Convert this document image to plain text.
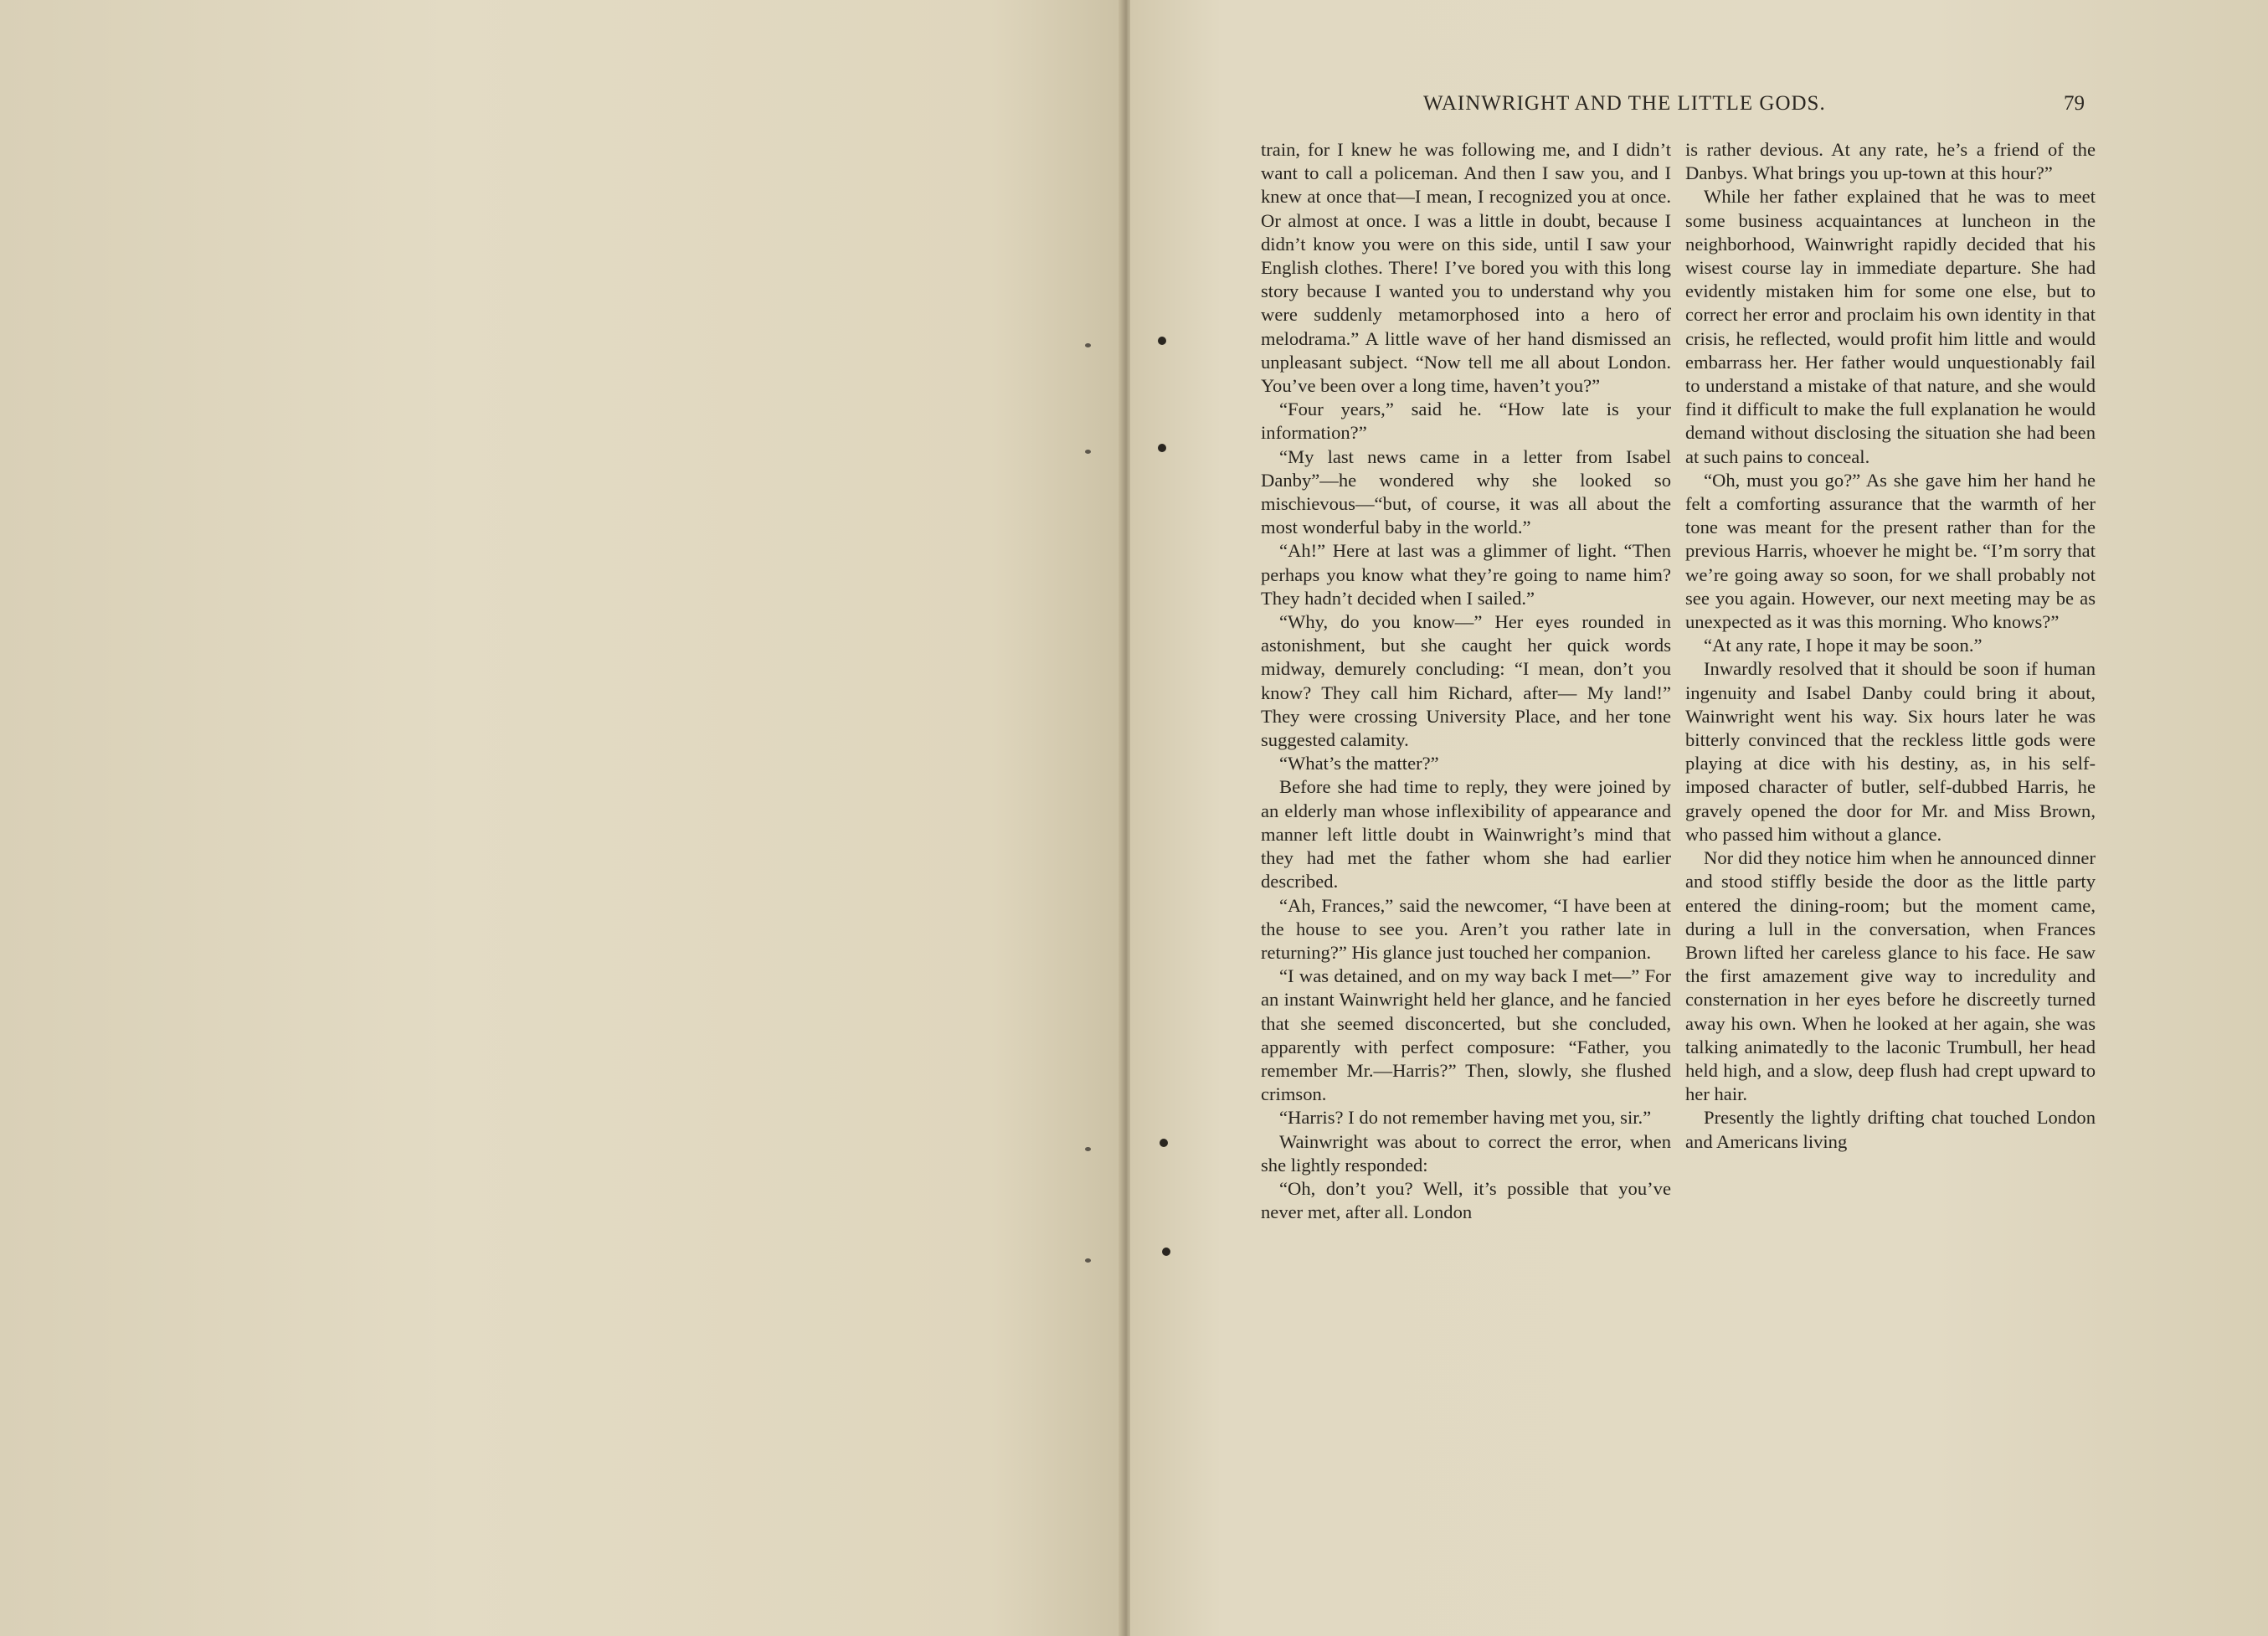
WAINWRIGHT AND THE LITTLE GODS.	79

train, for I knew he was following me, and I didn’t want to call a policeman. And then I saw you, and I knew at once that—I mean, I recognized you at once. Or almost at once. I was a little in doubt, because I didn’t know you were on this side, until I saw your English clothes. There! I’ve bored you with this long story because I wanted you to understand why you were suddenly metamorphosed into a hero of melodrama.” A little wave of her hand dismissed an unpleasant subject. “Now tell me all about London. You’ve been over a long time, haven’t you?”

“Four years,” said he. “How late is your information?”

“My last news came in a letter from Isabel Danby”—he wondered why she looked so mischievous—“but, of course, it was all about the most wonderful baby in the world.”

“Ah!” Here at last was a glimmer of light. “Then perhaps you know what they’re going to name him? They hadn’t decided when I sailed.”

“Why, do you know—” Her eyes rounded in astonishment, but she caught her quick words midway, demurely concluding: “I mean, don’t you know? They call him Richard, after— My land!” They were crossing University Place, and her tone suggested calamity.

“What’s the matter?”

Before she had time to reply, they were joined by an elderly man whose inflexibility of appearance and manner left little doubt in Wainwright’s mind that they had met the father whom she had earlier described.

“Ah, Frances,” said the newcomer, “I have been at the house to see you. Aren’t you rather late in returning?” His glance just touched her companion.

“I was detained, and on my way back I met—” For an instant Wainwright held her glance, and he fancied that she seemed disconcerted, but she concluded, apparently with perfect composure: “Father, you remember Mr.—Harris?” Then, slowly, she flushed crimson.

“Harris? I do not remember having met you, sir.”

Wainwright was about to correct the error, when she lightly responded:

“Oh, don’t you? Well, it’s possible that you’ve never met, after all. London

is rather devious. At any rate, he’s a friend of the Danbys. What brings you up-town at this hour?”

While her father explained that he was to meet some business acquaintances at luncheon in the neighborhood, Wainwright rapidly decided that his wisest course lay in immediate departure. She had evidently mistaken him for some one else, but to correct her error and proclaim his own identity in that crisis, he reflected, would profit him little and would embarrass her. Her father would unquestionably fail to understand a mistake of that nature, and she would find it difficult to make the full explanation he would demand without disclosing the situation she had been at such pains to conceal.

“Oh, must you go?” As she gave him her hand he felt a comforting assurance that the warmth of her tone was meant for the present rather than for the previous Harris, whoever he might be. “I’m sorry that we’re going away so soon, for we shall probably not see you again. However, our next meeting may be as unexpected as it was this morning. Who knows?”

“At any rate, I hope it may be soon.”

Inwardly resolved that it should be soon if human ingenuity and Isabel Danby could bring it about, Wainwright went his way. Six hours later he was bitterly convinced that the reckless little gods were playing at dice with his destiny, as, in his self-imposed character of butler, self-dubbed Harris, he gravely opened the door for Mr. and Miss Brown, who passed him without a glance.

Nor did they notice him when he announced dinner and stood stiffly beside the door as the little party entered the dining-room; but the moment came, during a lull in the conversation, when Frances Brown lifted her careless glance to his face. He saw the first amazement give way to incredulity and consternation in her eyes before he discreetly turned away his own. When he looked at her again, she was talking animatedly to the laconic Trumbull, her head held high, and a slow, deep flush had crept upward to her hair.

Presently the lightly drifting chat touched London and Americans living
